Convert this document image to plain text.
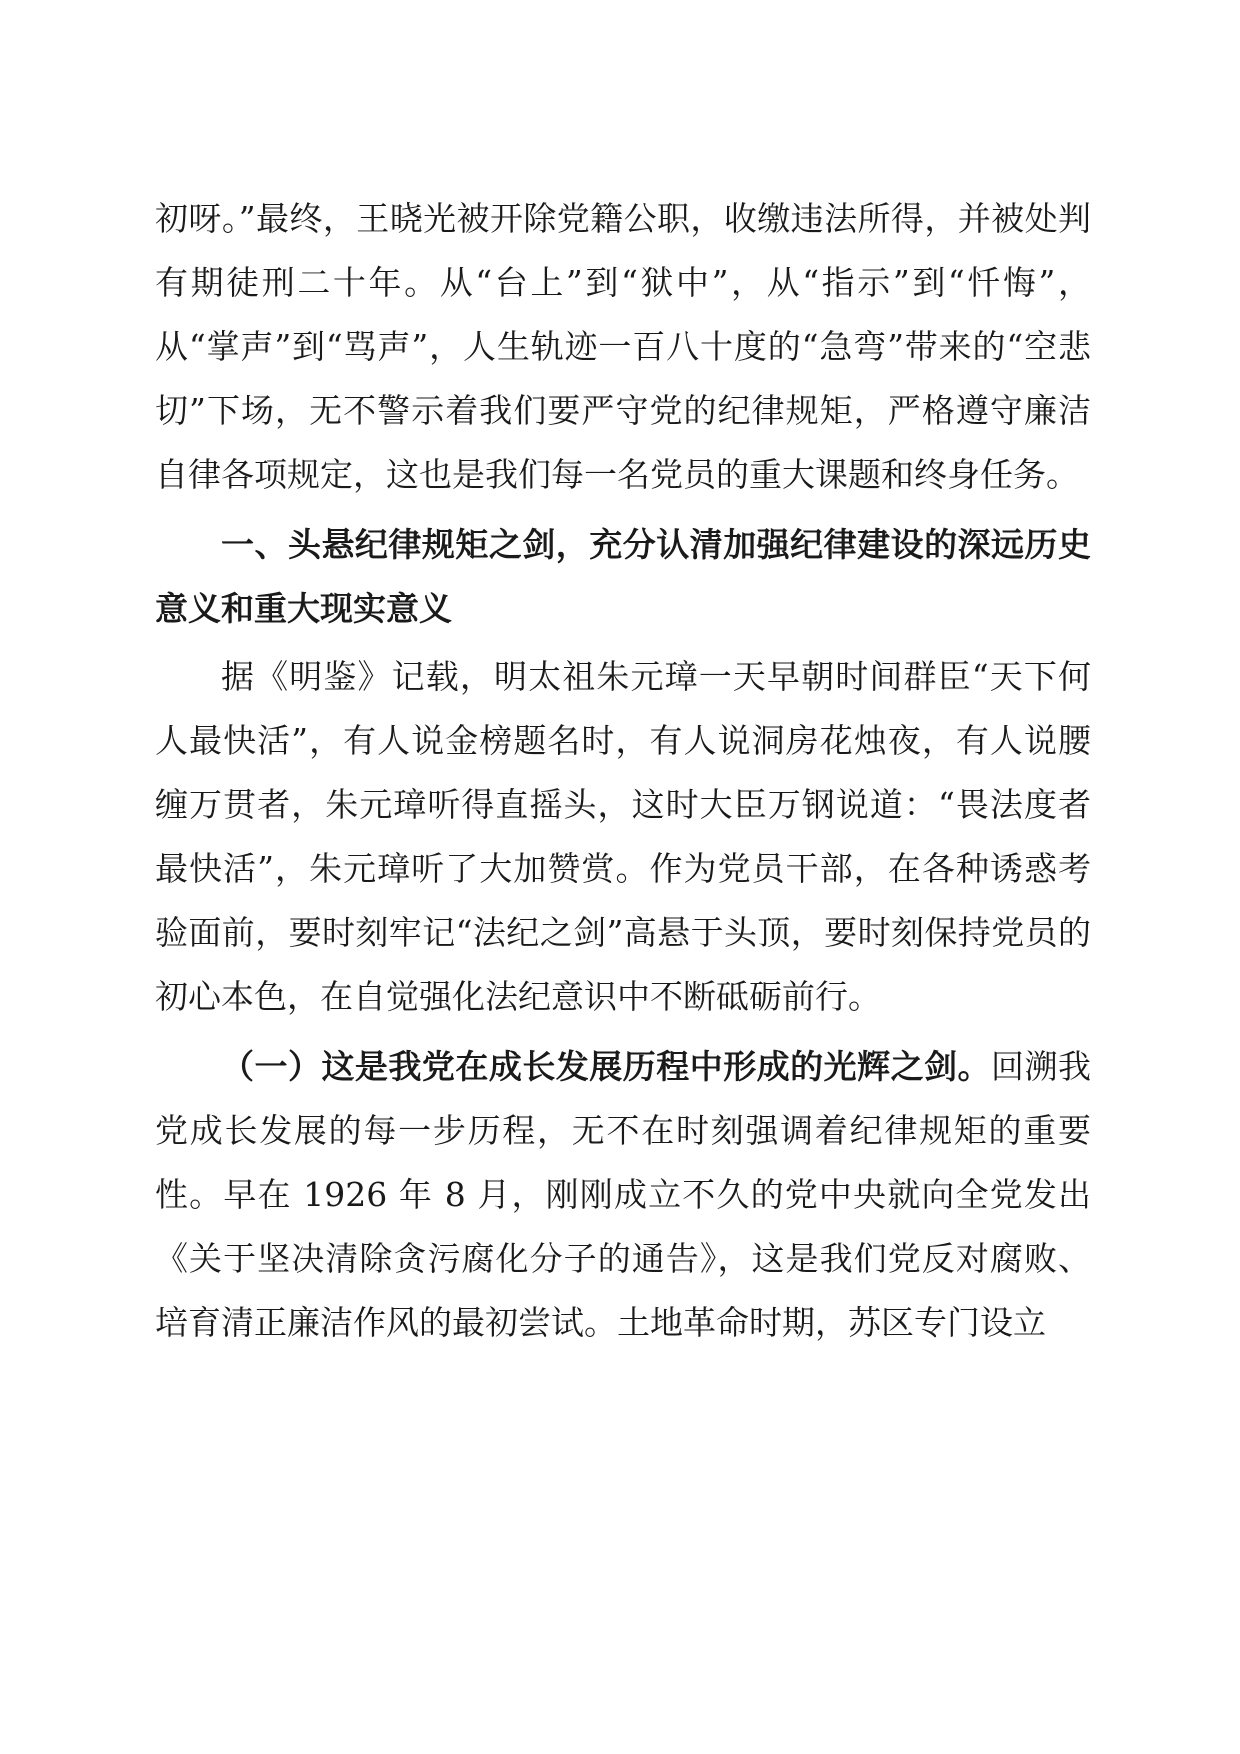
初呀。”最终，王晓光被开除党籍公职，收缴违法所得，并被处判有期徒刑二十年。从“台上”到“狱中”，从“指示”到“忏悔”，从“掌声”到“骂声”，人生轨迹一百八十度的“急弯”带来的“空悲切”下场，无不警示着我们要严守党的纪律规矩，严格遵守廉洁自律各项规定，这也是我们每一名党员的重大课题和终身任务。

一、头悬纪律规矩之剑，充分认清加强纪律建设的深远历史意义和重大现实意义

据《明鉴》记载，明太祖朱元璋一天早朝时间群臣“天下何人最快活”，有人说金榜题名时，有人说洞房花烛夜，有人说腰缠万贯者，朱元璋听得直摇头，这时大臣万钢说道：“畏法度者最快活”，朱元璋听了大加赞赏。作为党员干部，在各种诱惑考验面前，要时刻牢记“法纪之剑”高悬于头顶，要时刻保持党员的初心本色，在自觉强化法纪意识中不断砥砺前行。

（一）这是我党在成长发展历程中形成的光辉之剑。回溯我党成长发展的每一步历程，无不在时刻强调着纪律规矩的重要性。早在 1926 年 8 月，刚刚成立不久的党中央就向全党发出《关于坚决清除贪污腐化分子的通告》，这是我们党反对腐败、培育清正廉洁作风的最初尝试。土地革命时期，苏区专门设立
